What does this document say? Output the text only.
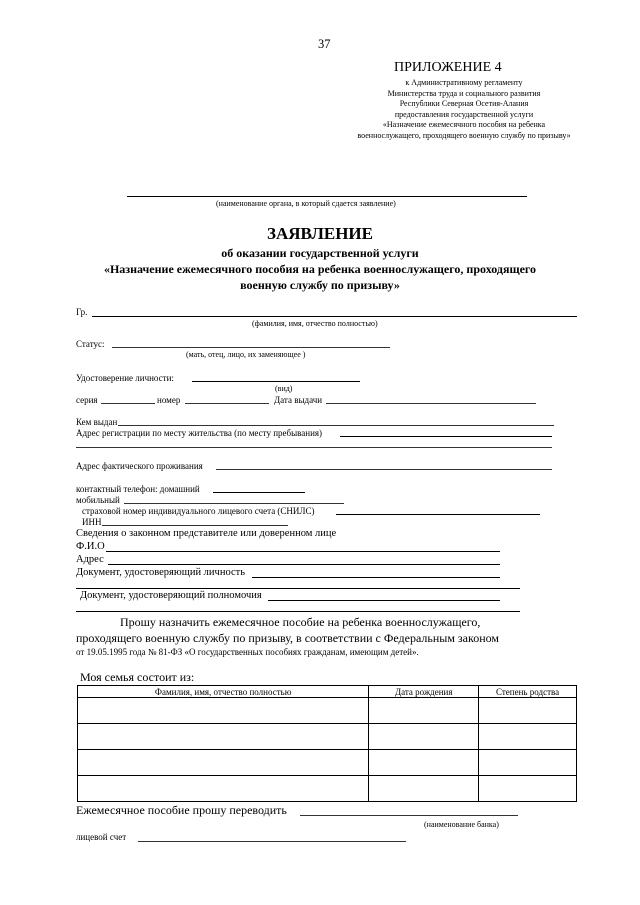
37
ПРИЛОЖЕНИЕ 4
к Административному регламенту
Министерства труда и социального развития
Республики Северная Осетия-Алания
предоставления государственной услуги
«Назначение ежемесячного пособия на ребенка
военнослужащего, проходящего военную службу по призыву»
(наименование органа, в который сдается заявление)
ЗАЯВЛЕНИЕ
об оказании государственной услуги
«Назначение ежемесячного пособия на ребенка военнослужащего, проходящего
военную службу по призыву»
Гр.
(фамилия, имя, отчество полностью)
Статус:
(мать, отец, лицо, их заменяющее )
Удостоверение личности:
(вид)
серия	номер	Дата выдачи
Кем выдан
Адрес регистрации по месту жительства (по месту пребывания)
Адрес фактического проживания
контактный телефон: домашний
мобильный
страховой номер индивидуального лицевого счета (СНИЛС)
ИНН
Сведения о законном представителе или доверенном лице
Ф.И.О
Адрес
Документ, удостоверяющий личность
Документ, удостоверяющий полномочия
Прошу назначить ежемесячное пособие на ребенка военнослужащего,
проходящего военную службу по призыву, в соответствии с Федеральным законом
от 19.05.1995 года № 81-ФЗ «О государственных пособиях гражданам, имеющим детей».
Моя семья состоит из:
Фамилия, имя, отчество полностью	Дата рождения	Степень родства

Ежемесячное пособие прошу переводить
(наименование банка)
лицевой счет
